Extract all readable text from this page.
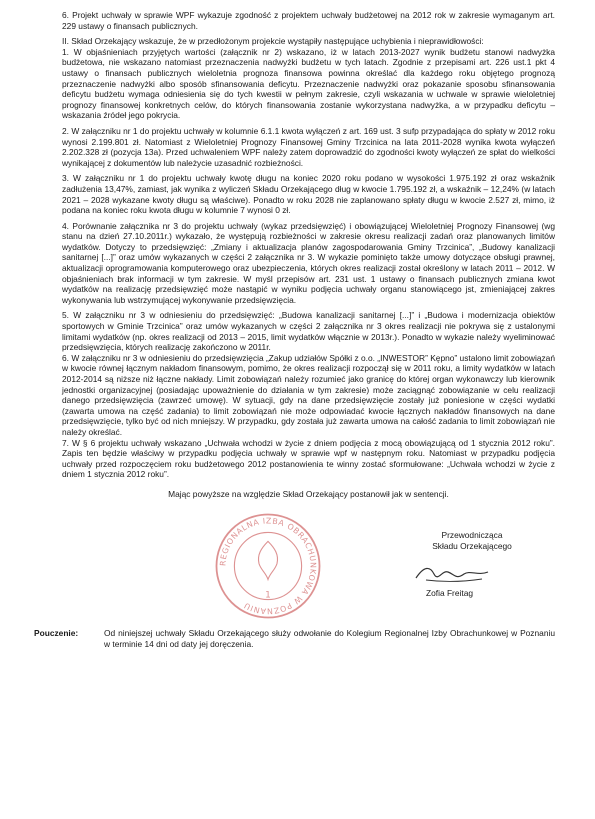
6. Projekt uchwały w sprawie WPF wykazuje zgodność z projektem uchwały budżetowej na 2012 rok w zakresie wymaganym art. 229 ustawy o finansach publicznych.

II. Skład Orzekający wskazuje, że w przedłożonym projekcie wystąpiły następujące uchybienia i nieprawidłowości:
1. W objaśnieniach przyjętych wartości (załącznik nr 2) wskazano, iż w latach 2013-2027 wynik budżetu stanowi nadwyżka budżetowa, nie wskazano natomiast przeznaczenia nadwyżki budżetu w tych latach. Zgodnie z przepisami art. 226 ust.1 pkt 4 ustawy o finansach publicznych wieloletnia prognoza finansowa powinna określać dla każdego roku objętego prognozą przeznaczenie nadwyżki albo sposób sfinansowania deficytu. Przeznaczenie nadwyżki oraz pokazanie sposobu sfinansowania deficytu budżetu wymaga odniesienia się do tych kwestii w pełnym zakresie, czyli wskazania w uchwale w sprawie wieloletniej prognozy finansowej konkretnych celów, do których finansowania zostanie wykorzystana nadwyżka, a w przypadku deficytu – wskazania źródeł jego pokrycia.

2. W załączniku nr 1 do projektu uchwały w kolumnie 6.1.1 kwota wyłączeń z art. 169 ust. 3 sufp przypadająca do spłaty w 2012 roku wynosi 2.199.801 zł. Natomiast z Wieloletniej Prognozy Finansowej Gminy Trzcinica na lata 2011-2028 wynika kwota wyłączeń 2.202.328 zł (pozycja 13a). Przed uchwaleniem WPF należy zatem doprowadzić do zgodności kwoty wyłączeń ze spłat do wielkości wynikającej z dokumentów lub należycie uzasadnić rozbieżności.

3. W załączniku nr 1 do projektu uchwały kwotę długu na koniec 2020 roku podano w wysokości 1.975.192 zł oraz wskaźnik zadłużenia 13,47%, zamiast, jak wynika z wyliczeń Składu Orzekającego dług w kwocie 1.795.192 zł, a wskaźnik – 12,24% (w latach 2021 – 2028 wykazane kwoty długu są właściwe). Ponadto w roku 2028 nie zaplanowano spłaty długu w kwocie 2.527 zł, mimo, iż podana na koniec roku kwota długu w kolumnie 7 wynosi 0 zł.

4. Porównanie załącznika nr 3 do projektu uchwały (wykaz przedsięwzięć) i obowiązującej Wieloletniej Prognozy Finansowej (wg stanu na dzień 27.10.2011r.) wykazało, że występują rozbieżności w zakresie okresu realizacji zadań oraz planowanych limitów wydatków. Dotyczy to przedsięwzięć: „Zmiany i aktualizacja planów zagospodarowania Gminy Trzcinica”, „Budowy kanalizacji sanitarnej [...]” oraz umów wykazanych w części 2 załącznika nr 3. W wykazie pominięto także umowy dotyczące obsługi prawnej, aktualizacji oprogramowania komputerowego oraz ubezpieczenia, których okres realizacji został określony w latach 2011 – 2012. W objaśnieniach brak informacji w tym zakresie. W myśl przepisów art. 231 ust. 1 ustawy o finansach publicznych zmiana kwot wydatków na realizację przedsięwzięć może nastąpić w wyniku podjęcia uchwały organu stanowiącego jst, zmieniającej zakres wykonywania lub wstrzymującej wykonywanie przedsięwzięcia.

5. W załączniku nr 3 w odniesieniu do przedsięwzięć: „Budowa kanalizacji sanitarnej [...]” i „Budowa i modernizacja obiektów sportowych w Gminie Trzcinica” oraz umów wykazanych w części 2 załącznika nr 3 okres realizacji nie pokrywa się z ustalonymi limitami wydatków (np. okres realizacji od 2013 – 2015, limit wydatków włącznie w 2013r.). Ponadto w wykazie należy wyeliminować przedsięwzięcia, których realizację zakończono w 2011r.

6. W załączniku nr 3 w odniesieniu do przedsięwzięcia „Zakup udziałów Spółki z o.o. „INWESTOR” Kępno” ustalono limit zobowiązań w kwocie równej łącznym nakładom finansowym, pomimo, że okres realizacji rozpoczął się w 2011 roku, a limity wydatków w latach 2012-2014 są niższe niż łączne nakłady. Limit zobowiązań należy rozumieć jako granicę do której organ wykonawczy lub kierownik jednostki organizacyjnej (posiadając upoważnienie do działania w tym zakresie) może zaciągnąć zobowiązanie w celu realizacji danego przedsięwzięcia (zawrzeć umowę). W sytuacji, gdy na dane przedsięwzięcie zostały już poniesione w części wydatki (zawarta umowa na część zadania) to limit zobowiązań nie może odpowiadać kwocie łącznych nakładów finansowych na dane przedsięwzięcie, tylko być od nich mniejszy. W przypadku, gdy została już zawarta umowa na całość zadania to limit zobowiązań nie należy określać.

7. W § 6 projektu uchwały wskazano „Uchwała wchodzi w życie z dniem podjęcia z mocą obowiązującą od 1 stycznia 2012 roku”. Zapis ten będzie właściwy w przypadku podjęcia uchwały w sprawie wpf w następnym roku. Natomiast w przypadku podjęcia uchwały przed rozpoczęciem roku budżetowego 2012 postanowienia te winny zostać sformułowane: „Uchwała wchodzi w życie z dniem 1 stycznia 2012 roku”.

Mając powyższe na względzie Skład Orzekający postanowił jak w sentencji.

REGIONALNA IZBA OBRACHUNKOWA W POZNANIU
1
Przewodnicząca
Składu Orzekającego
Zofia Freitag
Pouczenie:	Od niniejszej uchwały Składu Orzekającego służy odwołanie do Kolegium Regionalnej Izby Obrachunkowej w Poznaniu w terminie 14 dni od daty jej doręczenia.
